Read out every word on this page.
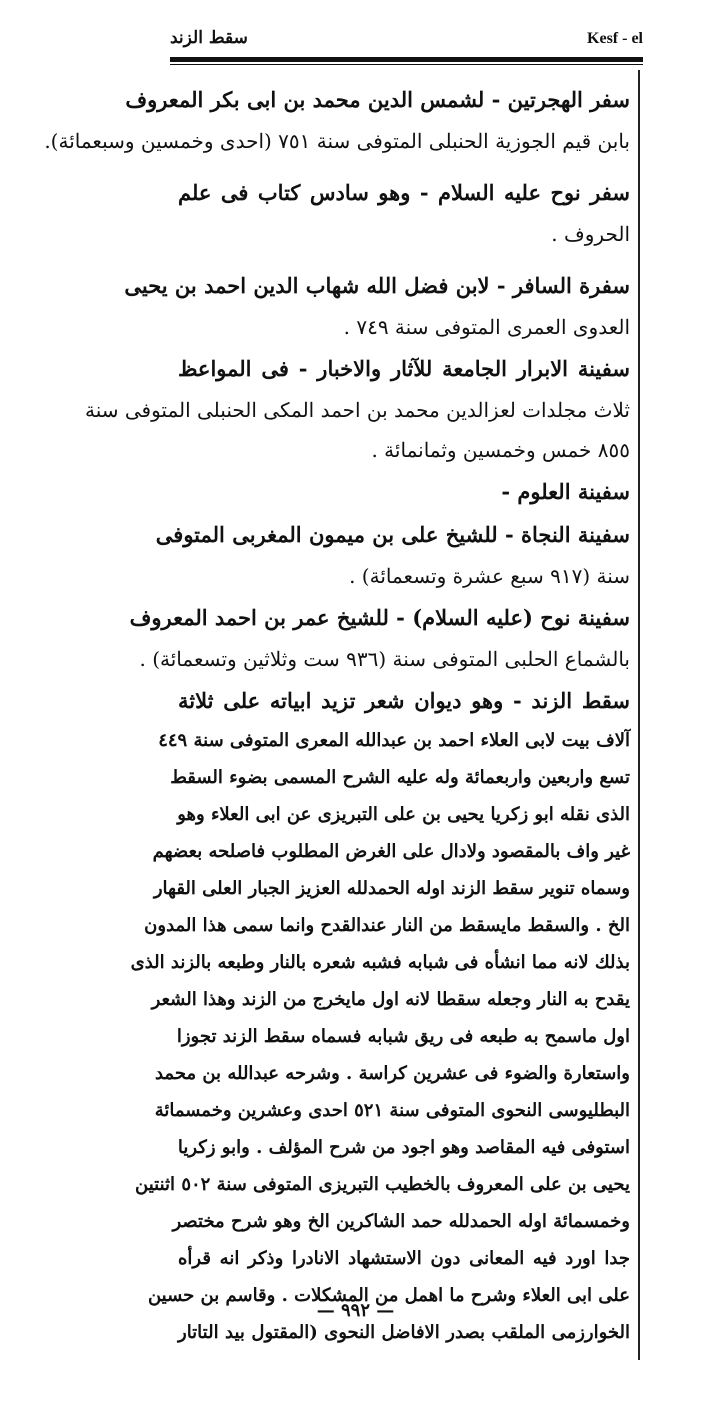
سقط الزند	Kesf - el
سفر الهجرتين - لشمس الدين محمد بن ابى بكر المعروف
بابن قيم الجوزية الحنبلى المتوفى سنة ٧٥١ (احدى وخمسين وسبعمائة).
سفر نوح عليه السلام - وهو سادس كتاب فى علم
الحروف .
سفرة السافر - لابن فضل الله شهاب الدين احمد بن يحيى
العدوى العمرى المتوفى سنة ٧٤٩ .
سفينة الابرار الجامعة للآثار والاخبار - فى المواعظ
ثلاث مجلدات لعزالدين محمد بن احمد المكى الحنبلى المتوفى سنة
٨٥٥ خمس وخمسين وثمانمائة .
سفينة العلوم -
سفينة النجاة - للشيخ على بن ميمون المغربى المتوفى
سنة (٩١٧ سبع عشرة وتسعمائة) .
سفينة نوح (عليه السلام) - للشيخ عمر بن احمد المعروف
بالشماع الحلبى المتوفى سنة (٩٣٦ ست وثلاثين وتسعمائة) .
سقط الزند - وهو ديوان شعر تزيد ابياته على ثلاثة
آلاف بيت لابى العلاء احمد بن عبدالله المعرى المتوفى سنة ٤٤٩
تسع واربعين واربعمائة وله عليه الشرح المسمى بضوء السقط
الذى نقله ابو زكريا يحيى بن على التبريزى عن ابى العلاء وهو
غير واف بالمقصود ولادال على الغرض المطلوب فاصلحه بعضهم
وسماه تنوير سقط الزند اوله الحمدلله العزيز الجبار العلى القهار
الخ . والسقط مايسقط من النار عندالقدح وانما سمى هذا المدون
بذلك لانه مما انشأه فى شبابه فشبه شعره بالنار وطبعه بالزند الذى
يقدح به النار وجعله سقطا لانه اول مايخرج من الزند وهذا الشعر
اول ماسمح به طبعه فى ريق شبابه فسماه سقط الزند تجوزا
واستعارة والضوء فى عشرين كراسة . وشرحه عبدالله بن محمد
البطليوسى النحوى المتوفى سنة ٥٢١ احدى وعشرين وخمسمائة
استوفى فيه المقاصد وهو اجود من شرح المؤلف . وابو زكريا
يحيى بن على المعروف بالخطيب التبريزى المتوفى سنة ٥٠٢ اثنتين
وخمسمائة اوله الحمدلله حمد الشاكرين الخ وهو شرح مختصر
جدا اورد فيه المعانى دون الاستشهاد الانادرا وذكر انه قرأه
على ابى العلاء وشرح ما اهمل من المشكلات . وقاسم بن حسين
الخوارزمى الملقب بصدر الافاضل النحوى (المقتول بيد التاتار
— ٩٩٢ —
